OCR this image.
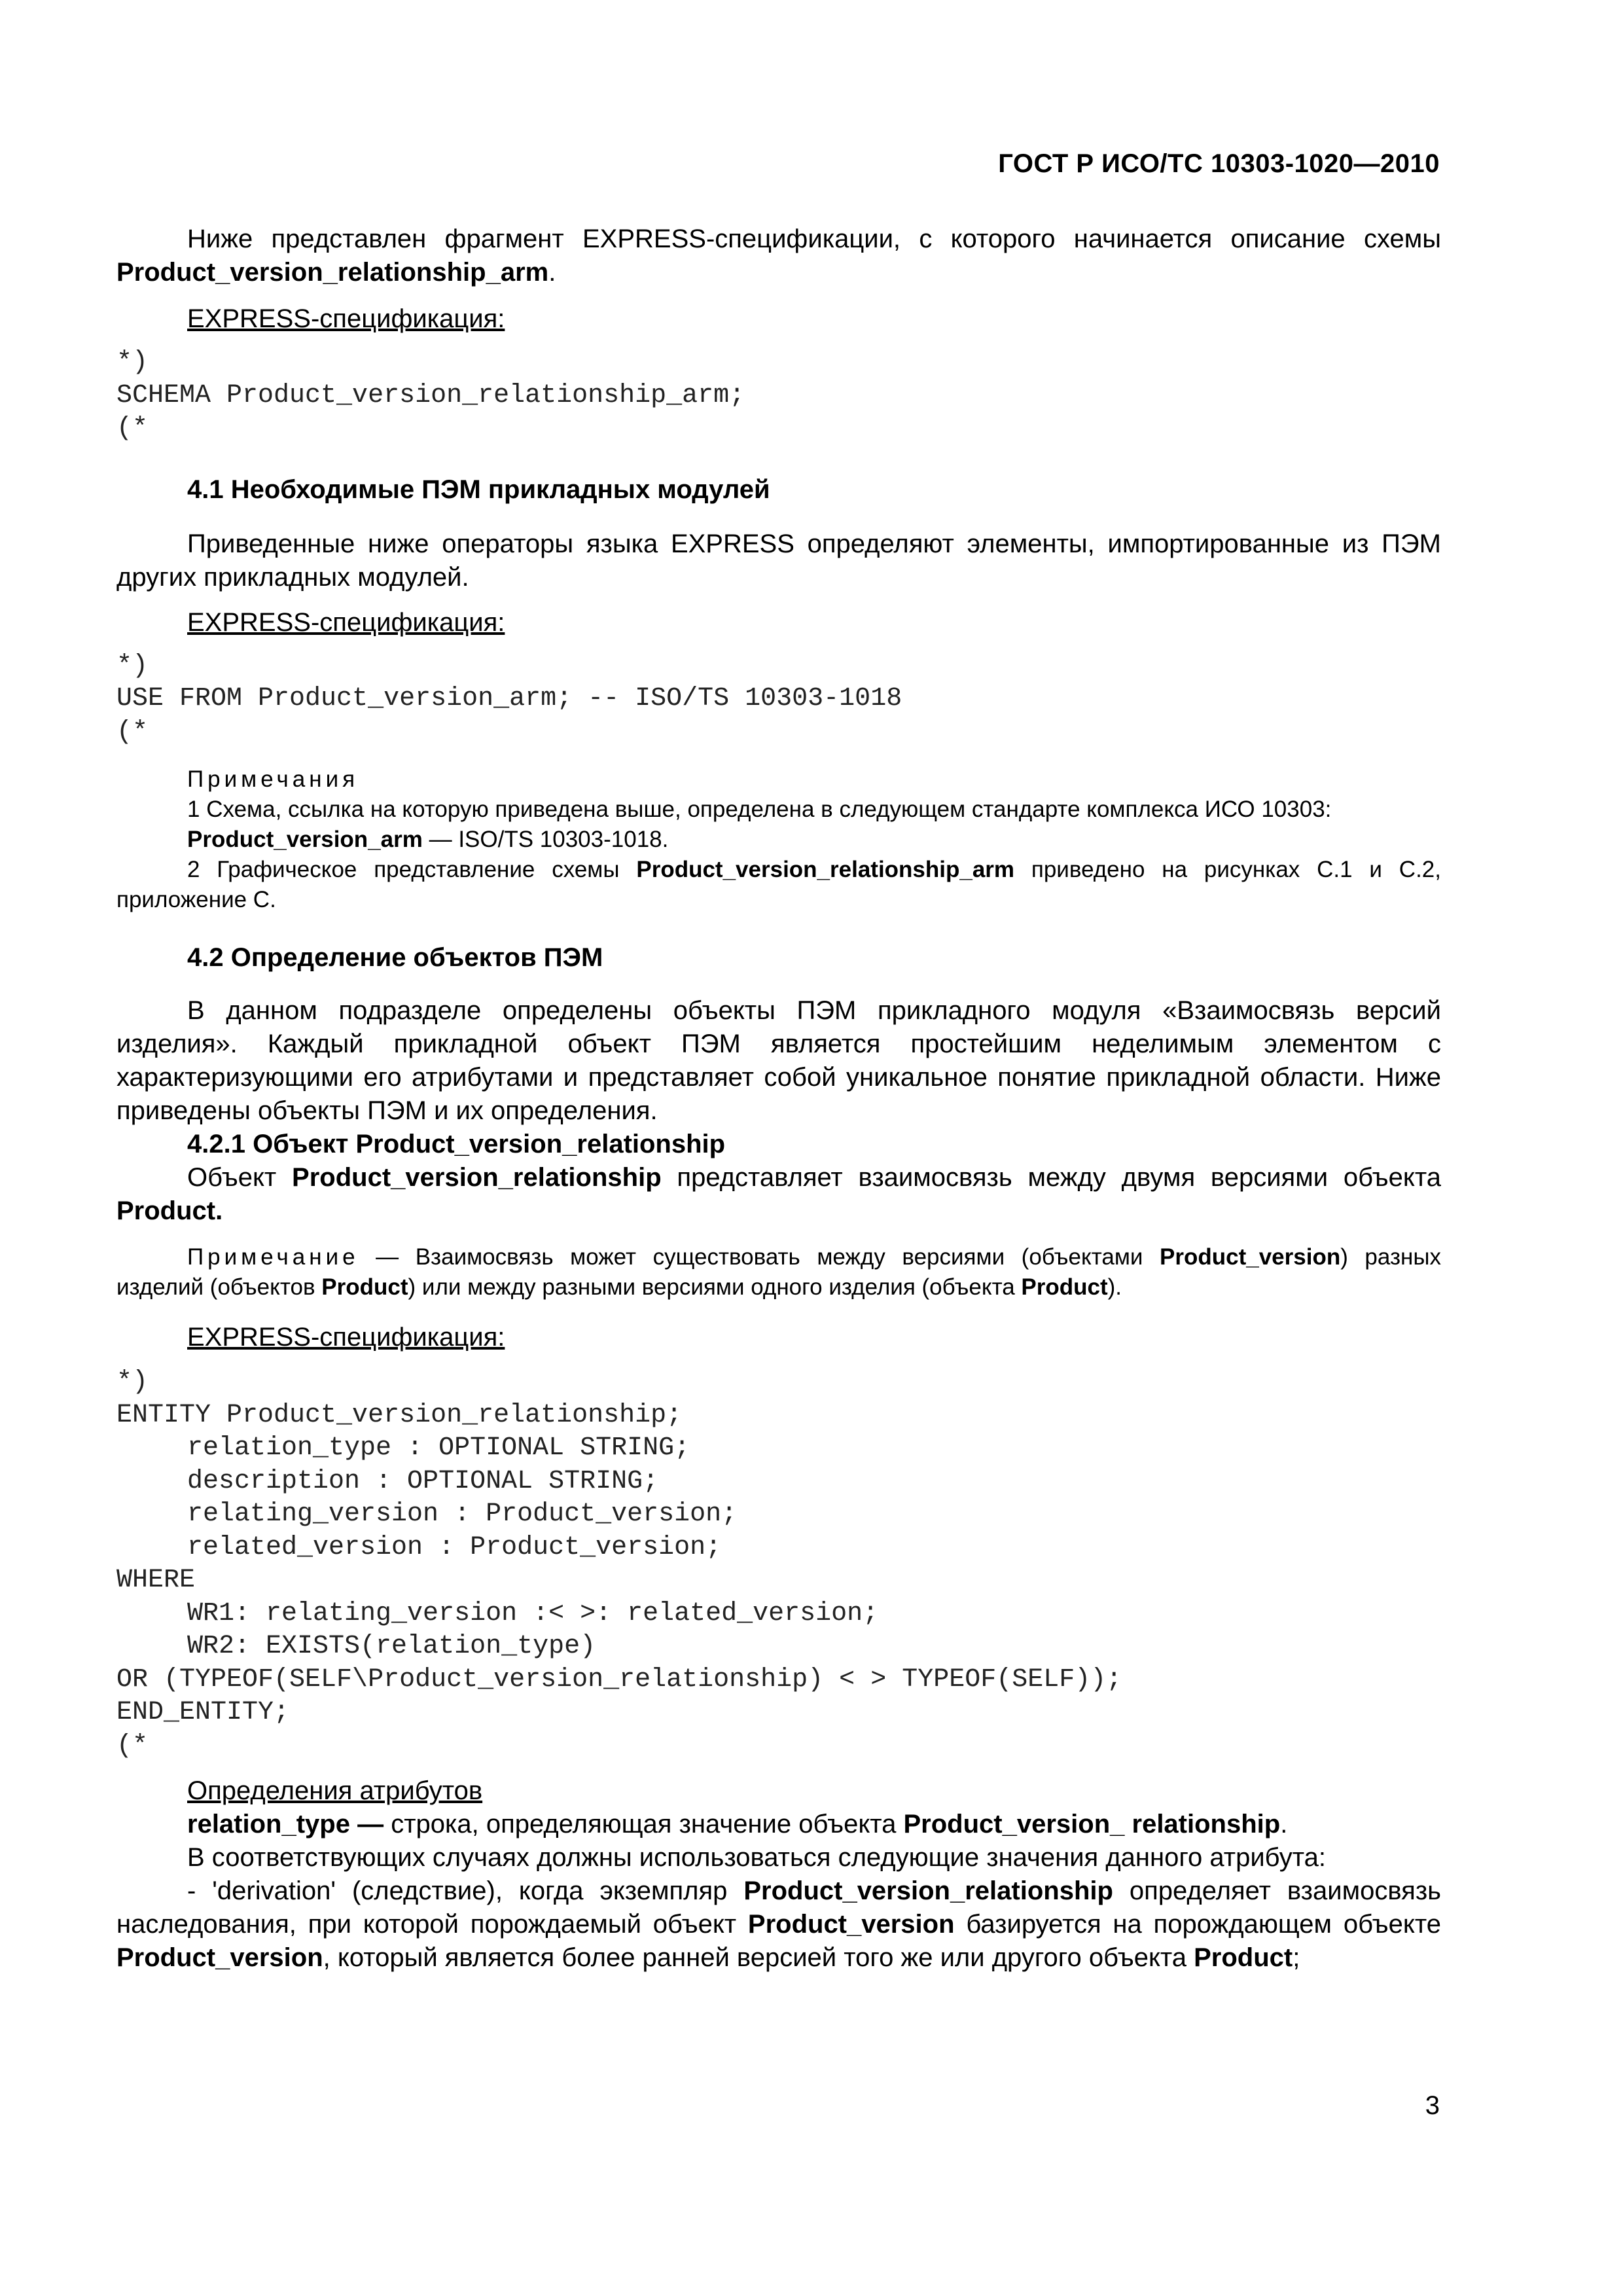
ГОСТ Р ИСО/ТС 10303-1020—2010

Ниже представлен фрагмент EXPRESS-спецификации, с которого начинается описание схемы Product_version_relationship_arm.

EXPRESS-спецификация:

*)
SCHEMA Product_version_relationship_arm;
(*

4.1 Необходимые ПЭМ прикладных модулей

Приведенные ниже операторы языка EXPRESS определяют элементы, импортированные из ПЭМ других прикладных модулей.

EXPRESS-спецификация:

*)
USE FROM Product_version_arm; -- ISO/TS 10303-1018
(*

Примечания

1 Схема, ссылка на которую приведена выше, определена в следующем стандарте комплекса ИСО 10303:
Product_version_arm — ISO/TS 10303-1018.

2 Графическое представление схемы Product_version_relationship_arm приведено на рисунках С.1 и С.2, приложение С.

4.2 Определение объектов ПЭМ

В данном подразделе определены объекты ПЭМ прикладного модуля «Взаимосвязь версий изделия». Каждый прикладной объект ПЭМ является простейшим неделимым элементом с характеризующими его атрибутами и представляет собой уникальное понятие прикладной области. Ниже приведены объекты ПЭМ и их определения.

4.2.1 Объект Product_version_relationship

Объект Product_version_relationship представляет взаимосвязь между двумя версиями объекта Product.

Примечание — Взаимосвязь может существовать между версиями (объектами Product_version) разных изделий (объектов Product) или между разными версиями одного изделия (объекта Product).

EXPRESS-спецификация:

*)
ENTITY Product_version_relationship;
relation_type : OPTIONAL STRING;
description : OPTIONAL STRING;
relating_version : Product_version;
related_version : Product_version;
WHERE
WR1: relating_version :< >: related_version;
WR2: EXISTS(relation_type)
OR (TYPEOF(SELF\Product_version_relationship) < > TYPEOF(SELF));
END_ENTITY;
(*

Определения атрибутов

relation_type — строка, определяющая значение объекта Product_version_ relationship.

В соответствующих случаях должны использоваться следующие значения данного атрибута:

- 'derivation' (следствие), когда экземпляр Product_version_relationship определяет взаимосвязь наследования, при которой порождаемый объект Product_version базируется на порождающем объекте Product_version, который является более ранней версией того же или другого объекта Product;

3
